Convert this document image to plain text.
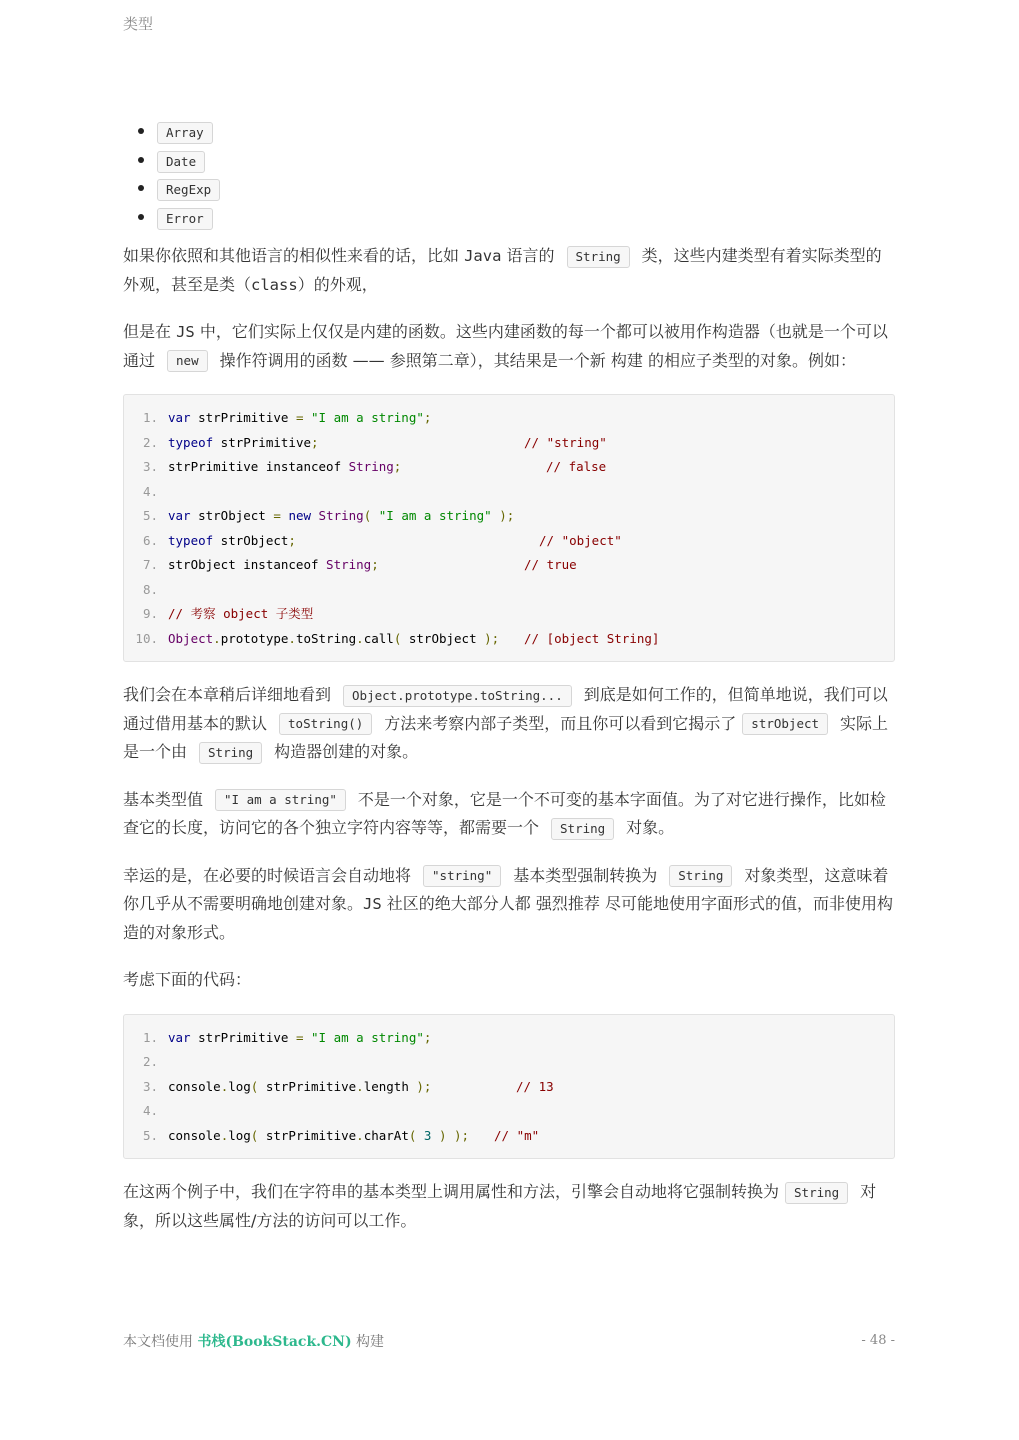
类型
Array
Date
RegExp
Error

如果你依照和其他语言的相似性来看的话，比如 Java 语言的 String 类，这些内建类型有着实际类型的外观，甚至是类（class）的外观，

但是在 JS 中，它们实际上仅仅是内建的函数。这些内建函数的每一个都可以被用作构造器（也就是一个可以通过 new 操作符调用的函数 —— 参照第二章），其结果是一个新 构建 的相应子类型的对象。例如：

1. var strPrimitive = "I am a string";
2. typeof strPrimitive;	// "string"
3. strPrimitive instanceof String;	// false
4.
5. var strObject = new String( "I am a string" );
6. typeof strObject;	// "object"
7. strObject instanceof String;	// true
8.
9. // 考察 object 子类型
10. Object.prototype.toString.call( strObject ); // [object String]

我们会在本章稍后详细地看到 Object.prototype.toString... 到底是如何工作的，但简单地说，我们可以通过借用基本的默认 toString() 方法来考察内部子类型，而且你可以看到它揭示了 strObject 实际上是一个由 String 构造器创建的对象。

基本类型值 "I am a string" 不是一个对象，它是一个不可变的基本字面值。为了对它进行操作，比如检查它的长度，访问它的各个独立字符内容等等，都需要一个 String 对象。

幸运的是，在必要的时候语言会自动地将 "string" 基本类型强制转换为 String 对象类型，这意味着你几乎从不需要明确地创建对象。JS 社区的绝大部分人都 强烈推荐 尽可能地使用字面形式的值，而非使用构造的对象形式。

考虑下面的代码：

1. var strPrimitive = "I am a string";
2.
3. console.log( strPrimitive.length );	// 13
4.
5. console.log( strPrimitive.charAt( 3 ) ); // "m"

在这两个例子中，我们在字符串的基本类型上调用属性和方法，引擎会自动地将它强制转换为 String 对象，所以这些属性/方法的访问可以工作。

本文档使用 书栈(BookStack.CN) 构建	- 48 -
